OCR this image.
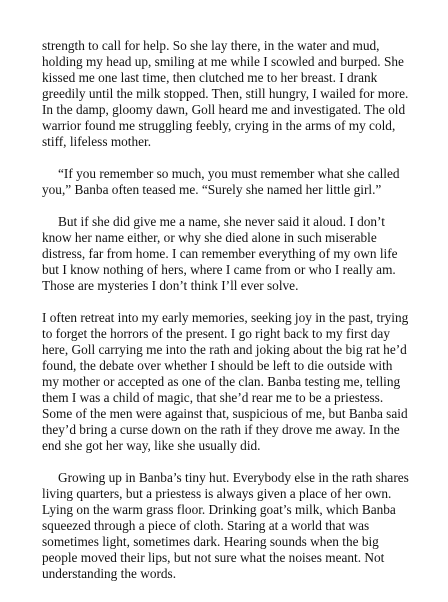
strength to call for help. So she lay there, in the water and mud, holding my head up, smiling at me while I scowled and burped. She kissed me one last time, then clutched me to her breast. I drank greedily until the milk stopped. Then, still hungry, I wailed for more. In the damp, gloomy dawn, Goll heard me and investigated. The old warrior found me struggling feebly, crying in the arms of my cold, stiff, lifeless mother.

“If you remember so much, you must remember what she called you,” Banba often teased me. “Surely she named her little girl.”

But if she did give me a name, she never said it aloud. I don’t know her name either, or why she died alone in such miserable distress, far from home. I can remember everything of my own life but I know nothing of hers, where I came from or who I really am. Those are mysteries I don’t think I’ll ever solve.

I often retreat into my early memories, seeking joy in the past, trying to forget the horrors of the present. I go right back to my first day here, Goll carrying me into the rath and joking about the big rat he’d found, the debate over whether I should be left to die outside with my mother or accepted as one of the clan. Banba testing me, telling them I was a child of magic, that she’d rear me to be a priestess. Some of the men were against that, suspicious of me, but Banba said they’d bring a curse down on the rath if they drove me away. In the end she got her way, like she usually did.

Growing up in Banba’s tiny hut. Everybody else in the rath shares living quarters, but a priestess is always given a place of her own. Lying on the warm grass floor. Drinking goat’s milk, which Banba squeezed through a piece of cloth. Staring at a world that was sometimes light, sometimes dark. Hearing sounds when the big people moved their lips, but not sure what the noises meant. Not understanding the words.
